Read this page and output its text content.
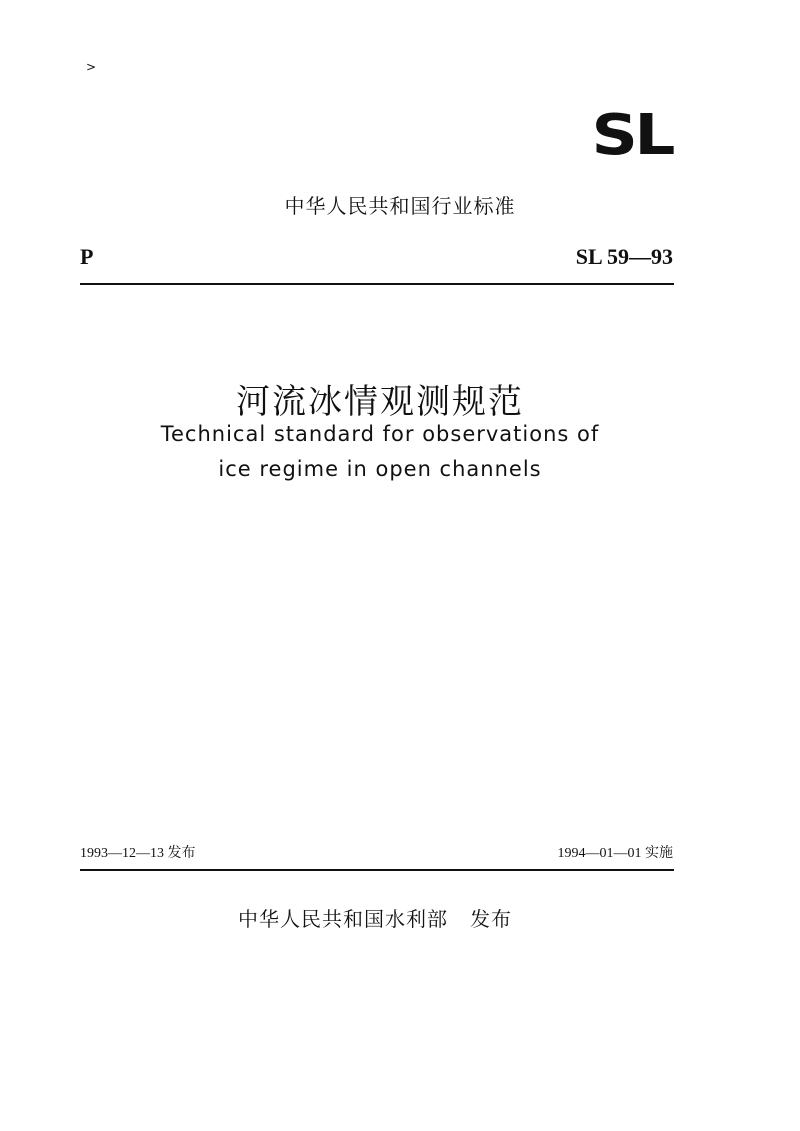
>
SL
中华人民共和国行业标准
P	SL 59—93
河流冰情观测规范
Technical standard for observations of
ice regime in open channels
1993—12—13 发布	1994—01—01 实施
中华人民共和国水利部   发布
